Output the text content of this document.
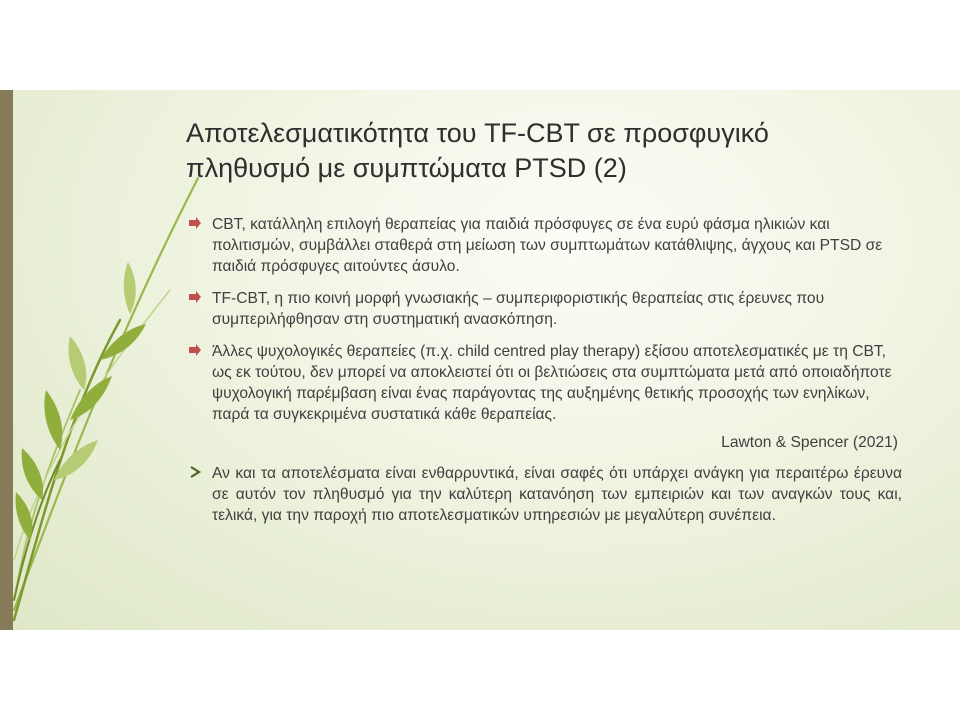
Αποτελεσματικότητα του TF-CBT σε προσφυγικό
πληθυσμό με συμπτώματα PTSD (2)
CBT, κατάλληλη επιλογή θεραπείας για παιδιά πρόσφυγες σε ένα ευρύ φάσμα ηλικιών και πολιτισμών, συμβάλλει σταθερά στη μείωση των συμπτωμάτων κατάθλιψης, άγχους και PTSD σε παιδιά πρόσφυγες αιτούντες άσυλο.
TF-CBT, η πιο κοινή μορφή γνωσιακής – συμπεριφοριστικής θεραπείας στις έρευνες που συμπεριλήφθησαν στη συστηματική ανασκόπηση.
Άλλες ψυχολογικές θεραπείες (π.χ. child centred play therapy) εξίσου αποτελεσματικές με τη CBT, ως εκ τούτου, δεν μπορεί να αποκλειστεί ότι οι βελτιώσεις στα συμπτώματα μετά από οποιαδήποτε ψυχολογική παρέμβαση είναι ένας παράγοντας της αυξημένης θετικής προσοχής των ενηλίκων, παρά τα συγκεκριμένα συστατικά κάθε θεραπείας.
Lawton & Spencer (2021)
Αν και τα αποτελέσματα είναι ενθαρρυντικά, είναι σαφές ότι υπάρχει ανάγκη για περαιτέρω έρευνα σε αυτόν τον πληθυσμό για την καλύτερη κατανόηση των εμπειριών και των αναγκών τους και, τελικά, για την παροχή πιο αποτελεσματικών υπηρεσιών με μεγαλύτερη συνέπεια.
